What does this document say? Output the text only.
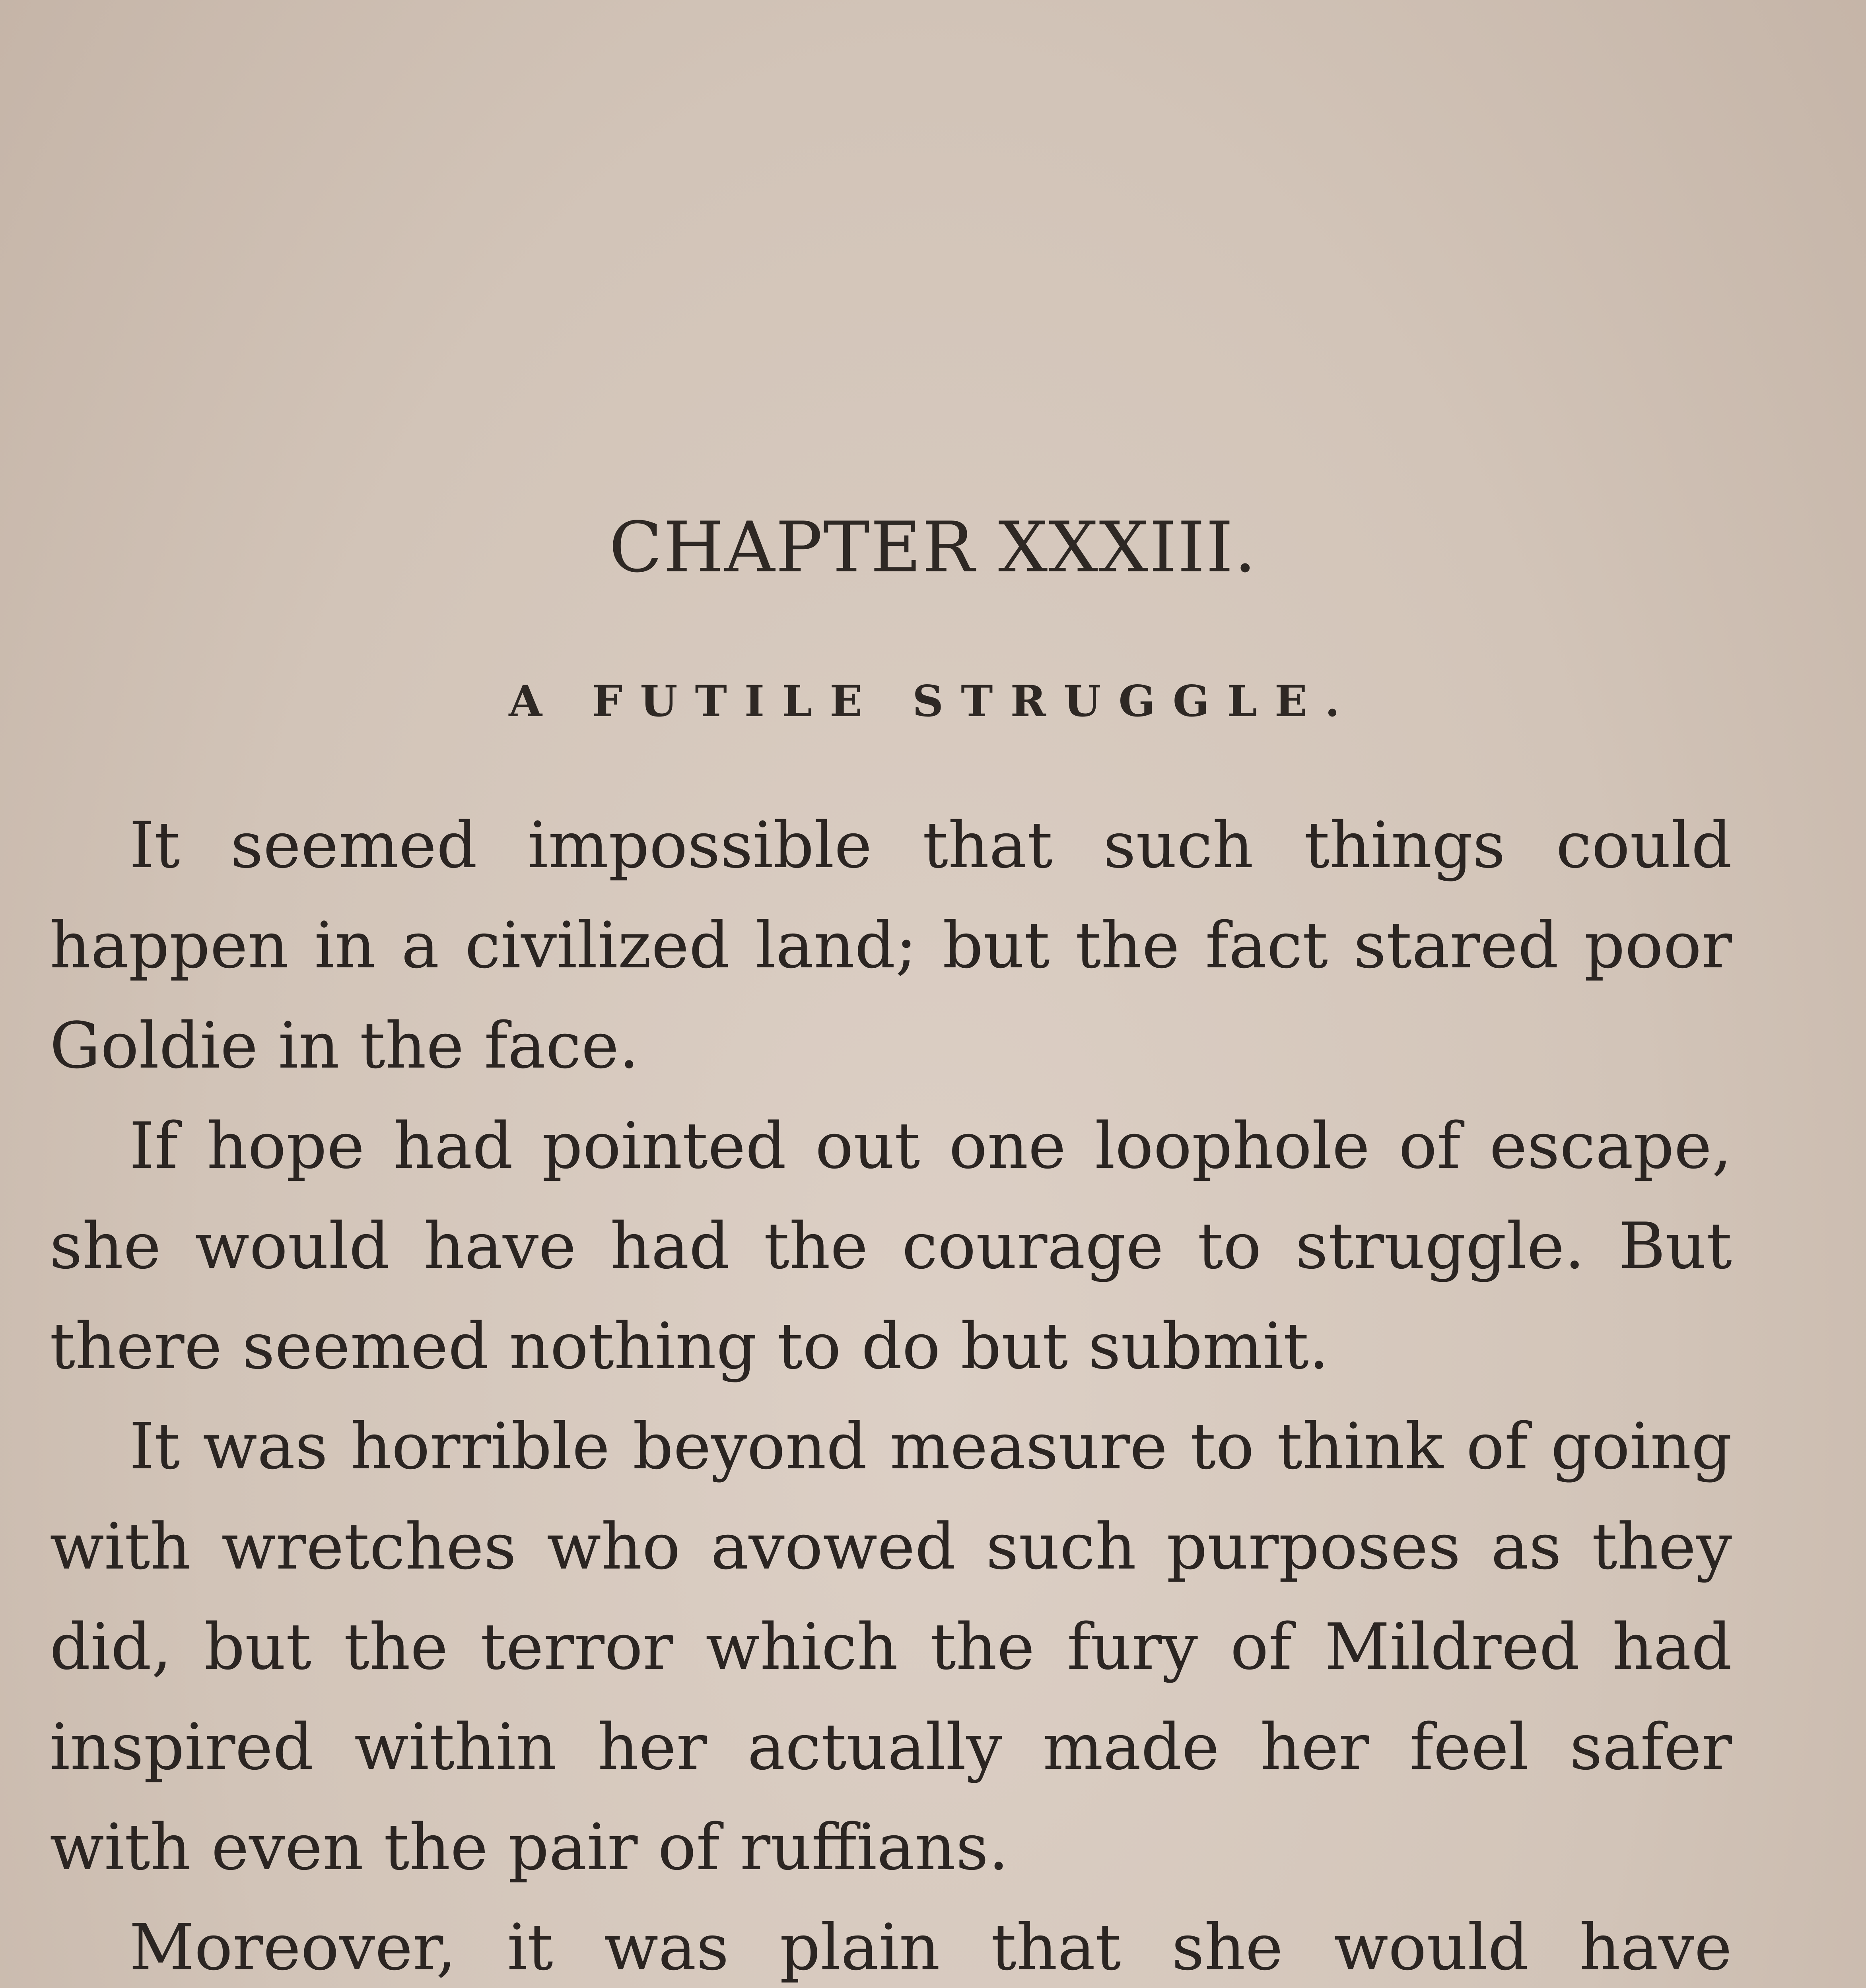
CHAPTER XXXIII.
A FUTILE STRUGGLE.

It seemed impossible that such things could happen in a civilized land; but the fact stared poor Goldie in the face.

If hope had pointed out one loophole of escape, she would have had the courage to struggle. But there seemed nothing to do but submit.

It was horrible beyond measure to think of going with wretches who avowed such purposes as they did, but the terror which the fury of Mildred had inspired within her actually made her feel safer with even the pair of ruffians.

Moreover, it was plain that she would have
